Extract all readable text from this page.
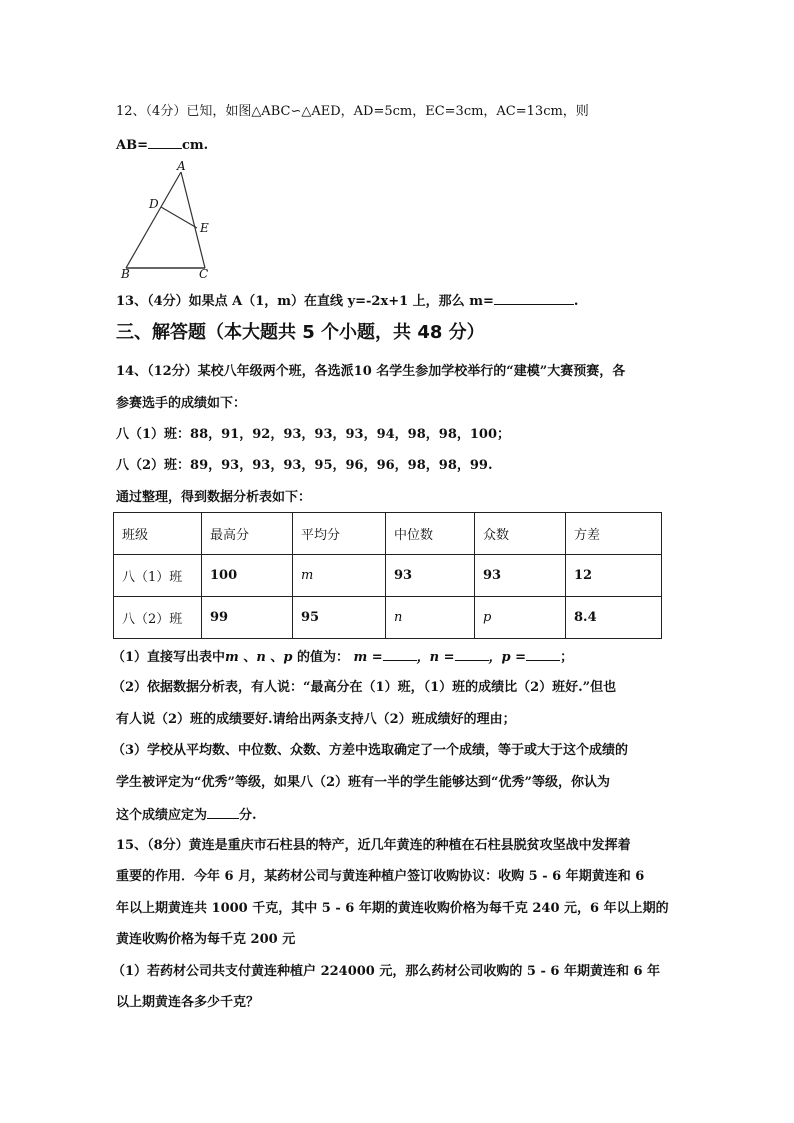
12、（4分）已知，如图△ABC∽△AED，AD=5cm，EC=3cm，AC=13cm，则
AB=	cm.
A
D
E
B	C
13、（4分）如果点 A（1，m）在直线 y=-2x+1 上，那么 m=	.
三、解答题（本大题共 5 个小题，共 48 分）
14、（12分）某校八年级两个班，各选派10 名学生参加学校举行的“建模”大赛预赛，各
参赛选手的成绩如下：
八（1）班：88，91，92，93，93，93，94，98，98，100；
八（2）班：89，93，93，93，95，96，96，98，98，99.
通过整理，得到数据分析表如下：
班级	最高分	平均分	中位数	众数	方差
八（1）班	100	m	93	93	12
八（2）班	99	95	n	p	8.4
（1）直接写出表中m 、n 、p 的值为： m =	，n =	，p =	；
（2）依据数据分析表，有人说：“最高分在（1）班，（1）班的成绩比（2）班好.”但也
有人说（2）班的成绩要好.请给出两条支持八（2）班成绩好的理由；
（3）学校从平均数、中位数、众数、方差中选取确定了一个成绩，等于或大于这个成绩的
学生被评定为“优秀”等级，如果八（2）班有一半的学生能够达到“优秀”等级，你认为
这个成绩应定为 分.
15、（8分）黄连是重庆市石柱县的特产，近几年黄连的种植在石柱县脱贫攻坚战中发挥着
重要的作用．今年 6 月，某药材公司与黄连种植户签订收购协议：收购 5 - 6 年期黄连和 6
年以上期黄连共 1000 千克，其中 5 - 6 年期的黄连收购价格为每千克 240 元，6 年以上期的
黄连收购价格为每千克 200 元
（1）若药材公司共支付黄连种植户 224000 元，那么药材公司收购的 5 - 6 年期黄连和 6 年
以上期黄连各多少千克？
